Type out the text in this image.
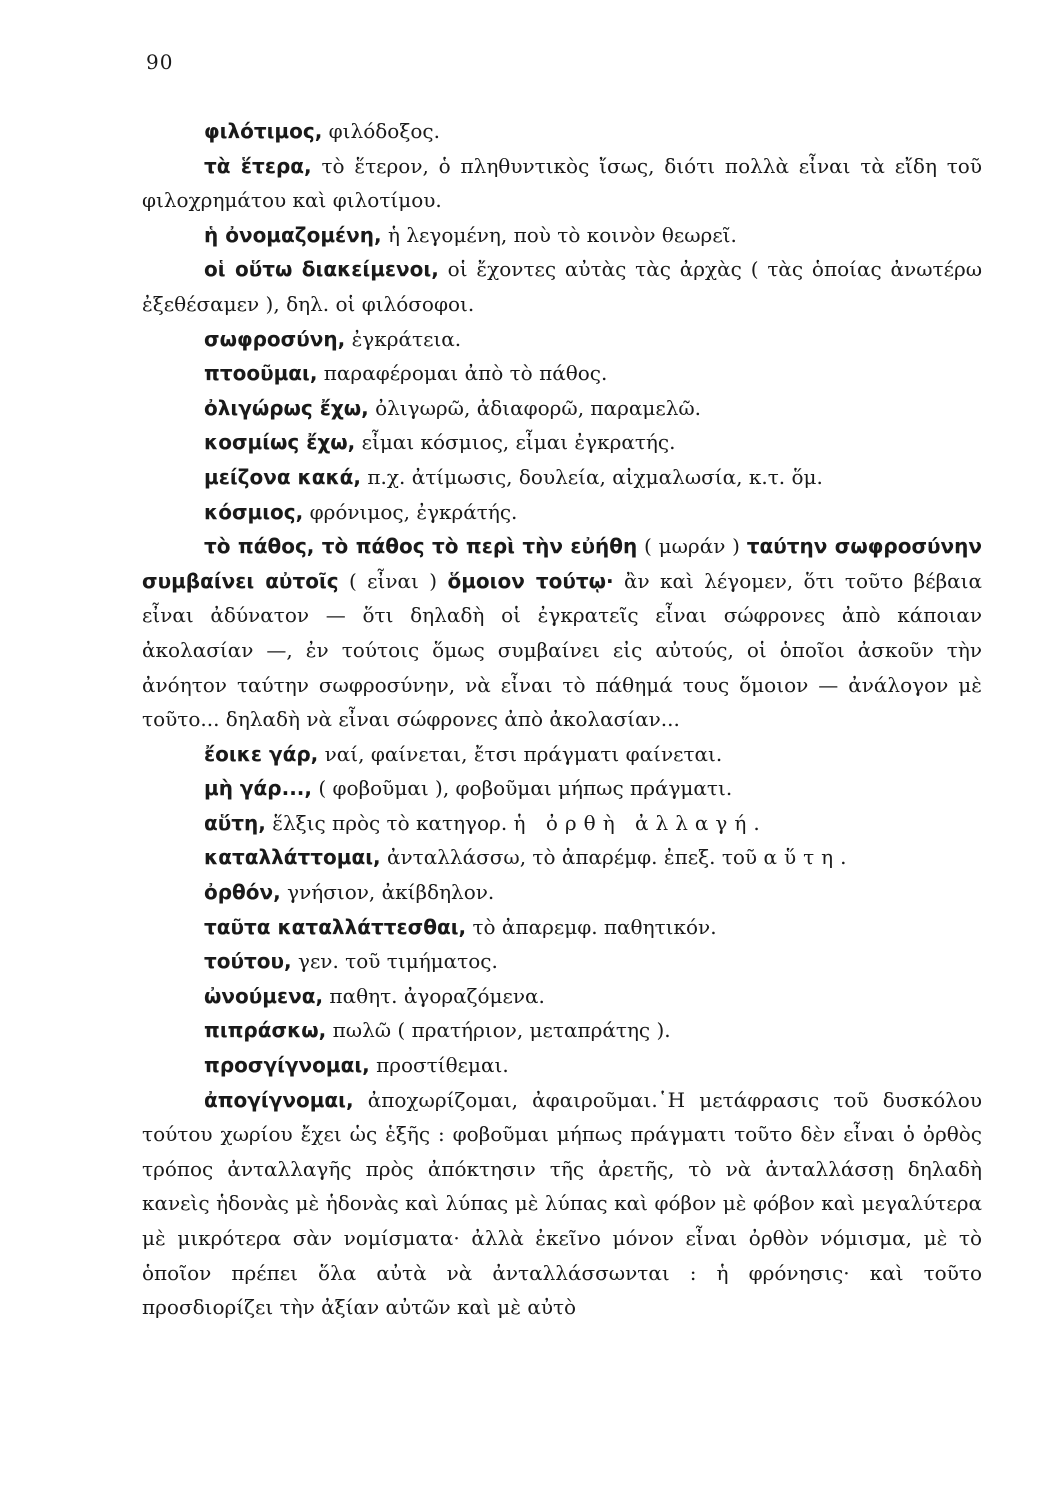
90

φιλότιμος, φιλόδοξος.

τὰ ἕτερα, τὸ ἕτερον, ὁ πληθυντικὸς ἴσως, διότι πολλὰ εἶναι τὰ εἴδη τοῦ φιλοχρημάτου καὶ φιλοτίμου.

ἡ ὀνομαζομένη, ἡ λεγομένη, ποὺ τὸ κοινὸν θεωρεῖ.

οἱ οὕτω διακείμενοι, οἱ ἔχοντες αὐτὰς τὰς ἀρχὰς ( τὰς ὁποίας ἀνωτέρω ἐξεθέσαμεν ), δηλ. οἱ φιλόσοφοι.

σωφροσύνη, ἐγκράτεια.

πτοοῦμαι, παραφέρομαι ἀπὸ τὸ πάθος.

ὀλιγώρως ἔχω, ὀλιγωρῶ, ἀδιαφορῶ, παραμελῶ.

κοσμίως ἔχω, εἶμαι κόσμιος, εἶμαι ἐγκρατής.

μείζονα κακά, π.χ. ἀτίμωσις, δουλεία, αἰχμαλωσία, κ.τ. ὅμ.

κόσμιος, φρόνιμος, ἐγκράτής.

τὸ πάθος, τὸ πάθος τὸ περὶ τὴν εὐήθη ( μωράν ) ταύτην σωφροσύνην συμβαίνει αὐτοῖς ( εἶναι ) ὅμοιον τούτῳ· ἂν καὶ λέγομεν, ὅτι τοῦτο βέβαια εἶναι ἀδύνατον — ὅτι δηλαδὴ οἱ ἐγκρατεῖς εἶναι σώφρονες ἀπὸ κάποιαν ἀκολασίαν —, ἐν τούτοις ὅμως συμβαίνει εἰς αὐτούς, οἱ ὁποῖοι ἀσκοῦν τὴν ἀνόητον ταύτην σωφροσύνην, νὰ εἶναι τὸ πάθημά τους ὅμοιον — ἀνάλογον μὲ τοῦτο... δηλαδὴ νὰ εἶναι σώφρονες ἀπὸ ἀκολασίαν...

ἔοικε γάρ, ναί, φαίνεται, ἔτσι πράγματι φαίνεται.

μὴ γάρ..., ( φοβοῦμαι ), φοβοῦμαι μήπως πράγματι.

αὕτη, ἕλξις πρὸς τὸ κατηγορ. ἡ ὀρθὴ ἀλλαγή.

καταλλάττομαι, ἀνταλλάσσω, τὸ ἀπαρέμφ. ἐπεξ. τοῦ αὕτη.

ὀρθόν, γνήσιον, ἀκίβδηλον.

ταῦτα καταλλάττεσθαι, τὸ ἀπαρεμφ. παθητικόν.

τούτου, γεν. τοῦ τιμήματος.

ὠνούμενα, παθητ. ἀγοραζόμενα.

πιπράσκω, πωλῶ ( πρατήριον, μεταπράτης ).

προσγίγνομαι, προστίθεμαι.

ἀπογίγνομαι, ἀποχωρίζομαι, ἀφαιροῦμαι.῾Η μετάφρασις τοῦ δυσκόλου τούτου χωρίου ἔχει ὡς ἑξῆς : φοβοῦμαι μήπως πράγματι τοῦτο δὲν εἶναι ὁ ὀρθὸς τρόπος ἀνταλλαγῆς πρὸς ἀπόκτησιν τῆς ἀρετῆς, τὸ νὰ ἀνταλλάσσῃ δηλαδὴ κανεὶς ἡδονὰς μὲ ἡδονὰς καὶ λύπας μὲ λύπας καὶ φόβον μὲ φόβον καὶ μεγαλύτερα μὲ μικρότερα σὰν νομίσματα· ἀλλὰ ἐκεῖνο μόνον εἶναι ὀρθὸν νόμισμα, μὲ τὸ ὁποῖον πρέπει ὅλα αὐτὰ νὰ ἀνταλλάσσωνται : ἡ φρόνησις· καὶ τοῦτο προσδιορίζει τὴν ἀξίαν αὐτῶν καὶ μὲ αὐτὸ
